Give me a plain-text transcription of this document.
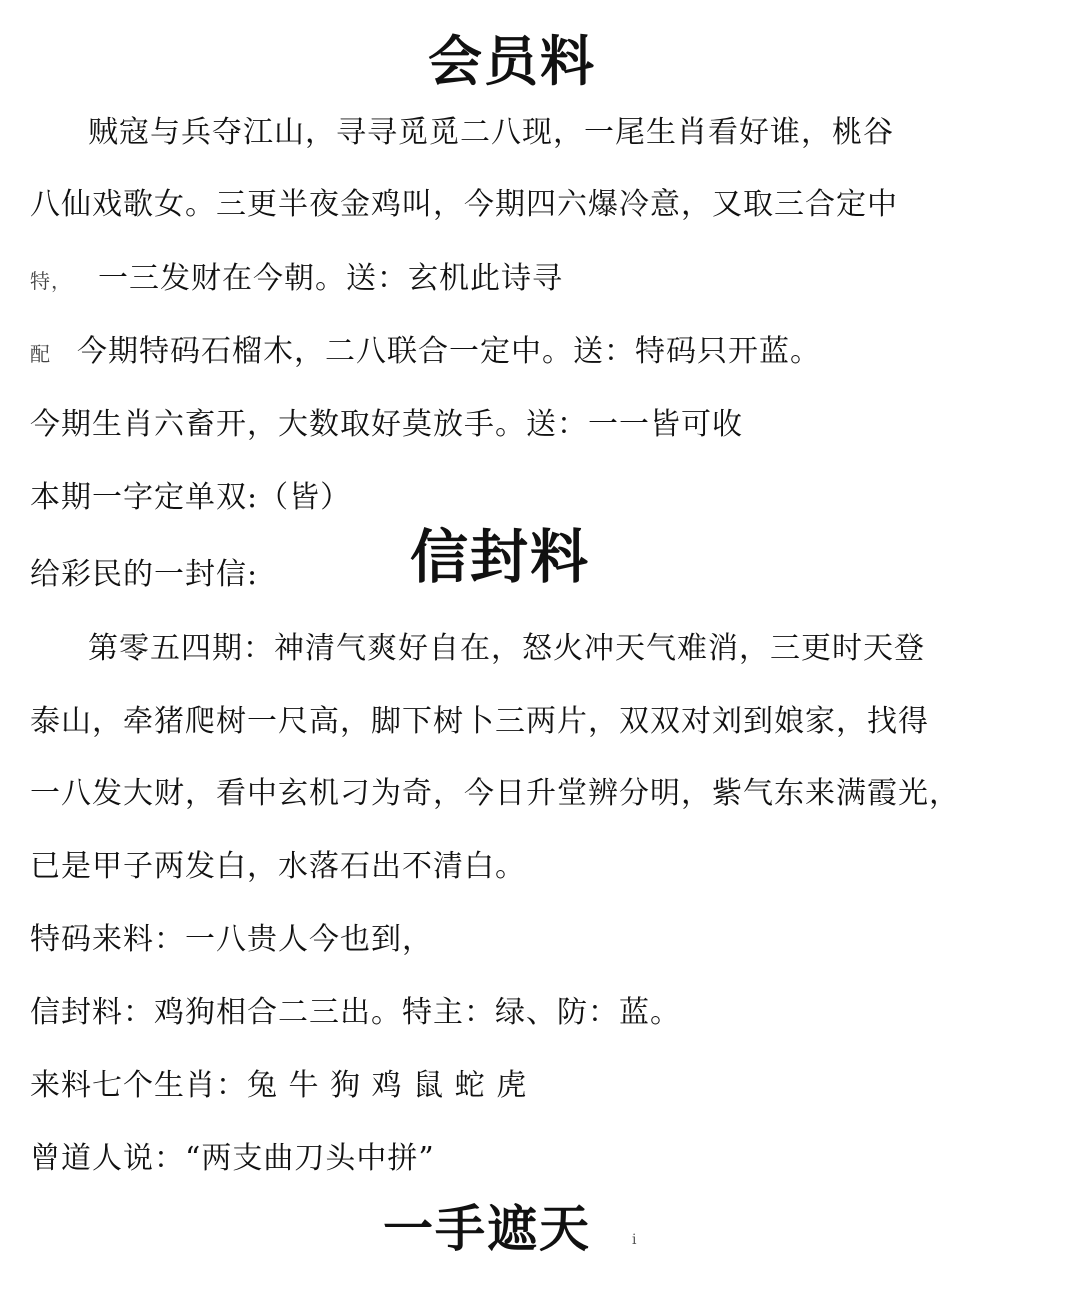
会员料
贼寇与兵夺江山，寻寻觅觅二八现，一尾生肖看好谁，桃谷
八仙戏歌女。三更半夜金鸡叫，今期四六爆冷意，又取三合定中
特， 一三发财在今朝。送：玄机此诗寻
配 今期特码石榴木，二八联合一定中。送：特码只开蓝。
今期生肖六畜开，大数取好莫放手。送：一一皆可收
本期一字定单双:（皆）
给彩民的一封信:	信封料
第零五四期：神清气爽好自在，怒火冲天气难消，三更时天登
泰山，牵猪爬树一尺高，脚下树卜三两片，双双对刘到娘家，找得
一八发大财，看中玄机刁为奇，今日升堂辨分明，紫气东来满霞光，
已是甲子两发白，水落石出不清白。
特码来料：一八贵人今也到，
信封料：鸡狗相合二三出。特主：绿、防：蓝。
来料七个生肖：兔 牛 狗 鸡 鼠 蛇 虎
曾道人说：“两支曲刀头中拼”
一手遮天	ⅰ
